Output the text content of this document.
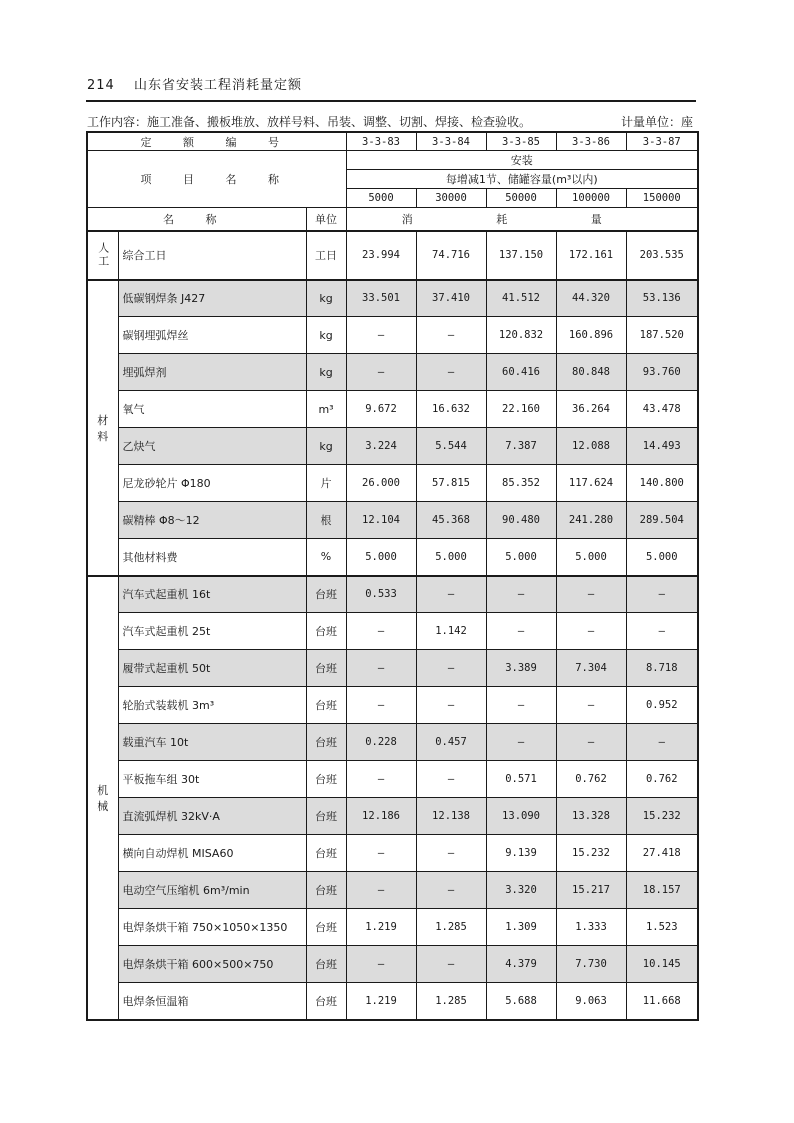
214 山东省安装工程消耗量定额
工作内容：施工准备、搬板堆放、放样号料、吊装、调整、切割、焊接、检查验收。	计量单位：座
定 额 编 号			3-3-83	3-3-84	3-3-85	3-3-86	3-3-87
项 目 名 称			安装				
			每增减1节、储罐容量(m³以内)				
			5000	30000	50000	100000	150000
名 称		单位	消 耗 量				

人工	综合工日	工日	23.994	74.716	137.150	172.161	203.535

材
料	低碳钢焊条 J427	kg	33.501	37.410	41.512	44.320	53.136
	碳钢埋弧焊丝	kg	—	—	120.832	160.896	187.520
	埋弧焊剂	kg	—	—	60.416	80.848	93.760
	氧气	m³	9.672	16.632	22.160	36.264	43.478
	乙炔气	kg	3.224	5.544	7.387	12.088	14.493
	尼龙砂轮片 Φ180	片	26.000	57.815	85.352	117.624	140.800
	碳精棒 Φ8～12	根	12.104	45.368	90.480	241.280	289.504
	其他材料费	%	5.000	5.000	5.000	5.000	5.000

机
械	汽车式起重机 16t	台班	0.533	—	—	—	—
	汽车式起重机 25t	台班	—	1.142	—	—	—
	履带式起重机 50t	台班	—	—	3.389	7.304	8.718
	轮胎式装载机 3m³	台班	—	—	—	—	0.952
	载重汽车 10t	台班	0.228	0.457	—	—	—
	平板拖车组 30t	台班	—	—	0.571	0.762	0.762
	直流弧焊机 32kV·A	台班	12.186	12.138	13.090	13.328	15.232
	横向自动焊机 MISA60	台班	—	—	9.139	15.232	27.418
	电动空气压缩机 6m³/min	台班	—	—	3.320	15.217	18.157
	电焊条烘干箱 750×1050×1350	台班	1.219	1.285	1.309	1.333	1.523
	电焊条烘干箱 600×500×750	台班	—	—	4.379	7.730	10.145
	电焊条恒温箱	台班	1.219	1.285	5.688	9.063	11.668
